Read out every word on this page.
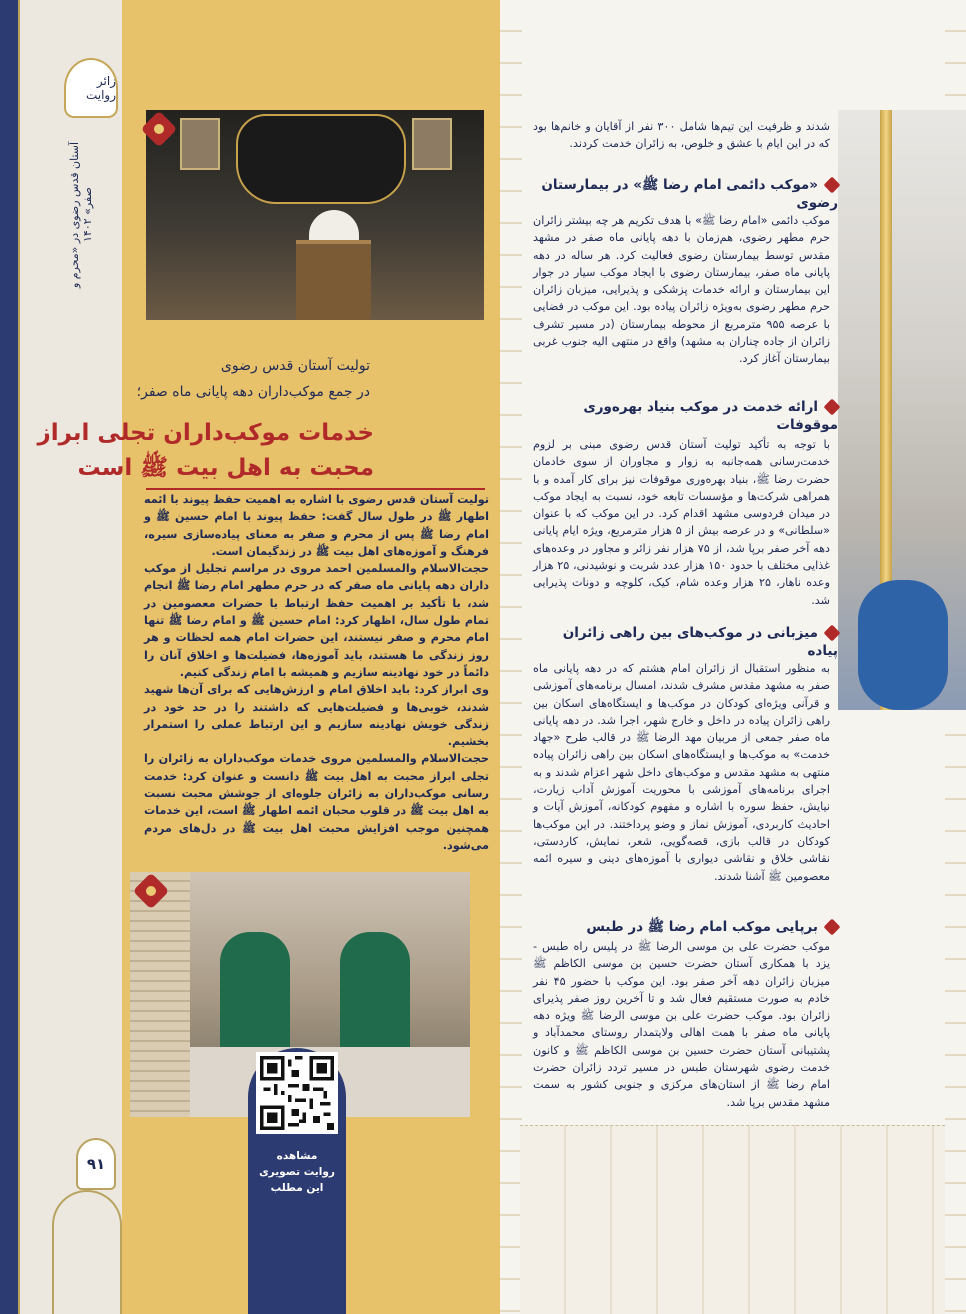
زائر روایت
آستان قدس رضوی در «محرم و صفر» ۱۴۰۲
۹۱	مشاهده
روایت تصویری
این مطلب
تولیت آستان قدس رضوی
در جمع موکب‌داران دهه پایانی ماه صفر؛
خدمات موکب‌داران تجلی ابراز
محبت به اهل بیت ﷺ است

تولیت آستان قدس رضوی با اشاره به اهمیت حفظ پیوند با ائمه اطهار ﷺ در طول سال گفت: حفظ پیوند با امام حسین ﷺ و امام رضا ﷺ پس از محرم و صفر به معنای پیاده‌سازی سیره، فرهنگ و آموزه‌های اهل بیت ﷺ در زندگیمان است.

حجت‌الاسلام والمسلمین احمد مروی در مراسم تجلیل از موکب داران دهه پایانی ماه صفر که در حرم مطهر امام رضا ﷺ انجام شد، با تأکید بر اهمیت حفظ ارتباط با حضرات معصومین در تمام طول سال، اظهار کرد: امام حسین ﷺ و امام رضا ﷺ تنها امام محرم و صفر نیستند، این حضرات امام همه لحظات و هر روز زندگی ما هستند، باید آموزه‌ها، فضیلت‌ها و اخلاق آنان را دائماً در خود نهادینه سازیم و همیشه با امام زندگی کنیم.

وی ابراز کرد: باید اخلاق امام و ارزش‌هایی که برای آن‌ها شهید شدند، خوبی‌ها و فضیلت‌هایی که داشتند را در حد خود در زندگی خویش نهادینه سازیم و این ارتباط عملی را استمرار بخشیم.

حجت‌الاسلام والمسلمین مروی خدمات موکب‌داران به زائران را تجلی ابراز محبت به اهل بیت ﷺ دانست و عنوان کرد: خدمت رسانی موکب‌داران به زائران جلوه‌ای از جوشش محبت نسبت به اهل بیت ﷺ در قلوب محبان ائمه اطهار ﷺ است، این خدمات همچنین موجب افزایش محبت اهل بیت ﷺ در دل‌های مردم می‌شود.

شدند و ظرفیت این تیم‌ها شامل ۳۰۰ نفر از آقایان و خانم‌ها بود که در این ایام با عشق و خلوص، به زائران خدمت کردند.
«موکب دائمی امام رضا ﷺ» در بیمارستان
رضوی
موکب دائمی «امام رضا ﷺ» با هدف تکریم هر چه بیشتر زائران حرم مطهر رضوی، هم‌زمان با دهه پایانی ماه صفر در مشهد مقدس توسط بیمارستان رضوی فعالیت کرد. هر ساله در دهه پایانی ماه صفر، بیمارستان رضوی با ایجاد موکب سیار در جوار این بیمارستان و ارائه خدمات پزشکی و پذیرایی، میزبان زائران حرم مطهر رضوی به‌ویژه زائران پیاده بود. این موکب در فضایی با عرصه ۹۵۵ مترمربع از محوطه بیمارستان (در مسیر تشرف زائران از جاده چناران به مشهد) واقع در منتهی الیه جنوب غربی بیمارستان آغاز کرد.
ارائه خدمت در موکب بنیاد بهره‌وری
موقوفات
با توجه به تأکید تولیت آستان قدس رضوی مبنی بر لزوم خدمت‌رسانی همه‌جانبه به زوار و مجاوران از سوی خادمان حضرت رضا ﷺ، بنیاد بهره‌وری موقوفات نیز برای کار آمده و با همراهی شرکت‌ها و مؤسسات تابعه خود، نسبت به ایجاد موکب در میدان فردوسی مشهد اقدام کرد. در این موکب که با عنوان «سلطانی» و در عرصه بیش از ۵ هزار مترمربع، ویژه ایام پایانی دهه آخر صفر برپا شد، از ۷۵ هزار نفر زائر و مجاور در وعده‌های غذایی مختلف با حدود ۱۵۰ هزار عدد شربت و نوشیدنی، ۲۵ هزار وعده ناهار، ۲۵ هزار وعده شام، کیک، کلوچه و دونات پذیرایی شد.
میزبانی در موکب‌های بین راهی زائران
پیاده
به منظور استقبال از زائران امام هشتم که در دهه پایانی ماه صفر به مشهد مقدس مشرف شدند، امسال برنامه‌های آموزشی و قرآنی ویژه‌ای کودکان در موکب‌ها و ایستگاه‌های اسکان بین راهی زائران پیاده در داخل و خارج شهر، اجرا شد. در دهه پایانی ماه صفر جمعی از مربیان مهد الرضا ﷺ در قالب طرح «جهاد خدمت» به موکب‌ها و ایستگاه‌های اسکان بین راهی زائران پیاده منتهی به مشهد مقدس و موکب‌های داخل شهر اعزام شدند و به اجرای برنامه‌های آموزشی با محوریت آموزش آداب زیارت، نیایش، حفظ سوره با اشاره و مفهوم کودکانه، آموزش آیات و احادیث کاربردی، آموزش نماز و وضو پرداختند. در این موکب‌ها کودکان در قالب بازی، قصه‌گویی، شعر، نمایش، کاردستی، نقاشی خلاق و نقاشی دیواری با آموزه‌های دینی و سیره ائمه معصومین ﷺ آشنا شدند.
برپایی موکب امام رضا ﷺ در طبس
موکب حضرت علی بن موسی الرضا ﷺ در پلیس راه طبس - یزد با همکاری آستان حضرت حسین بن موسی الکاظم ﷺ میزبان زائران دهه آخر صفر بود. این موکب با حضور ۴۵ نفر خادم به صورت مستقیم فعال شد و تا آخرین روز صفر پذیرای زائران بود. موکب حضرت علی بن موسی الرضا ﷺ ویژه دهه پایانی ماه صفر با همت اهالی ولایتمدار روستای محمدآباد و پشتیبانی آستان حضرت حسین بن موسی الکاظم ﷺ و کانون خدمت رضوی شهرستان طبس در مسیر تردد زائران حضرت امام رضا ﷺ از استان‌های مرکزی و جنوبی کشور به سمت مشهد مقدس برپا شد.
